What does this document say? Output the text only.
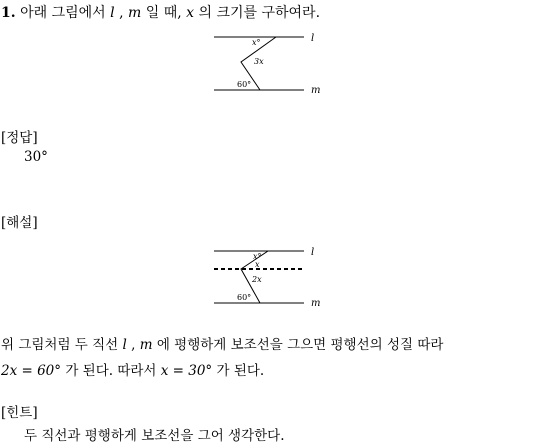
1. 아래 그림에서 l , m 일 때, x 의 크기를 구하여라.
l
m
x°
3x
60°
[정답]
30°
[해설]
l
m
x°
x
2x
60°
위 그림처럼 두 직선 l , m 에 평행하게 보조선을 그으면 평행선의 성질 따라
2x = 60° 가 된다. 따라서 x = 30° 가 된다.
[힌트]
두 직선과 평행하게 보조선을 그어 생각한다.
